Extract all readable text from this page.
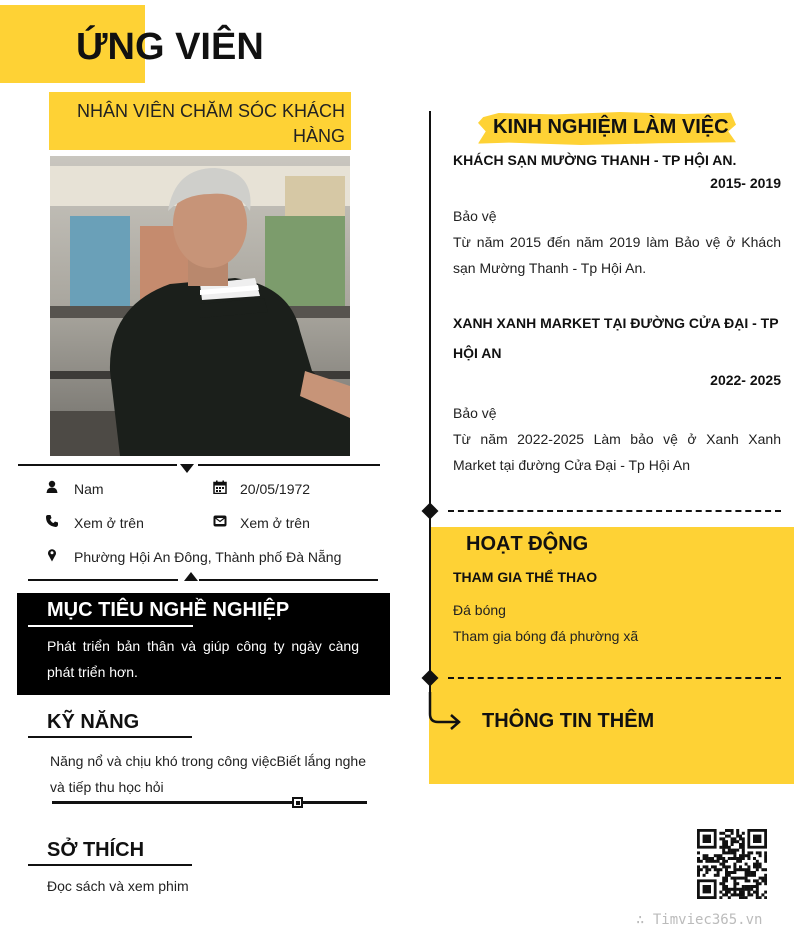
ỨNG VIÊN
NHÂN VIÊN CHĂM SÓC KHÁCH
HÀNG
Nam	20/05/1972
Xem ở trên	Xem ở trên
Phường Hội An Đông, Thành phố Đà Nẵng
MỤC TIÊU NGHỀ NGHIỆP
Phát triển bản thân và giúp công ty ngày càng phát triển hơn.
KỸ NĂNG
Năng nổ và chịu khó trong công việcBiết lắng nghe và tiếp thu học hỏi
SỞ THÍCH
Đọc sách và xem phim
KINH NGHIỆM LÀM VIỆC
KHÁCH SẠN MƯỜNG THANH - TP HỘI AN.
2015- 2019
Bảo vệ
Từ năm 2015 đến năm 2019 làm Bảo vệ ở Khách sạn Mường Thanh - Tp Hội An.
XANH XANH MARKET TẠI ĐƯỜNG CỬA ĐẠI - TP HỘI AN
2022- 2025
Bảo vệ
Từ năm 2022-2025 Làm bảo vệ ở Xanh Xanh Market tại đường Cửa Đại - Tp Hội An
HOẠT ĐỘNG
THAM GIA THỂ THAO
Đá bóng
Tham gia bóng đá phường xã
THÔNG TIN THÊM
∴ Timviec365.vn
